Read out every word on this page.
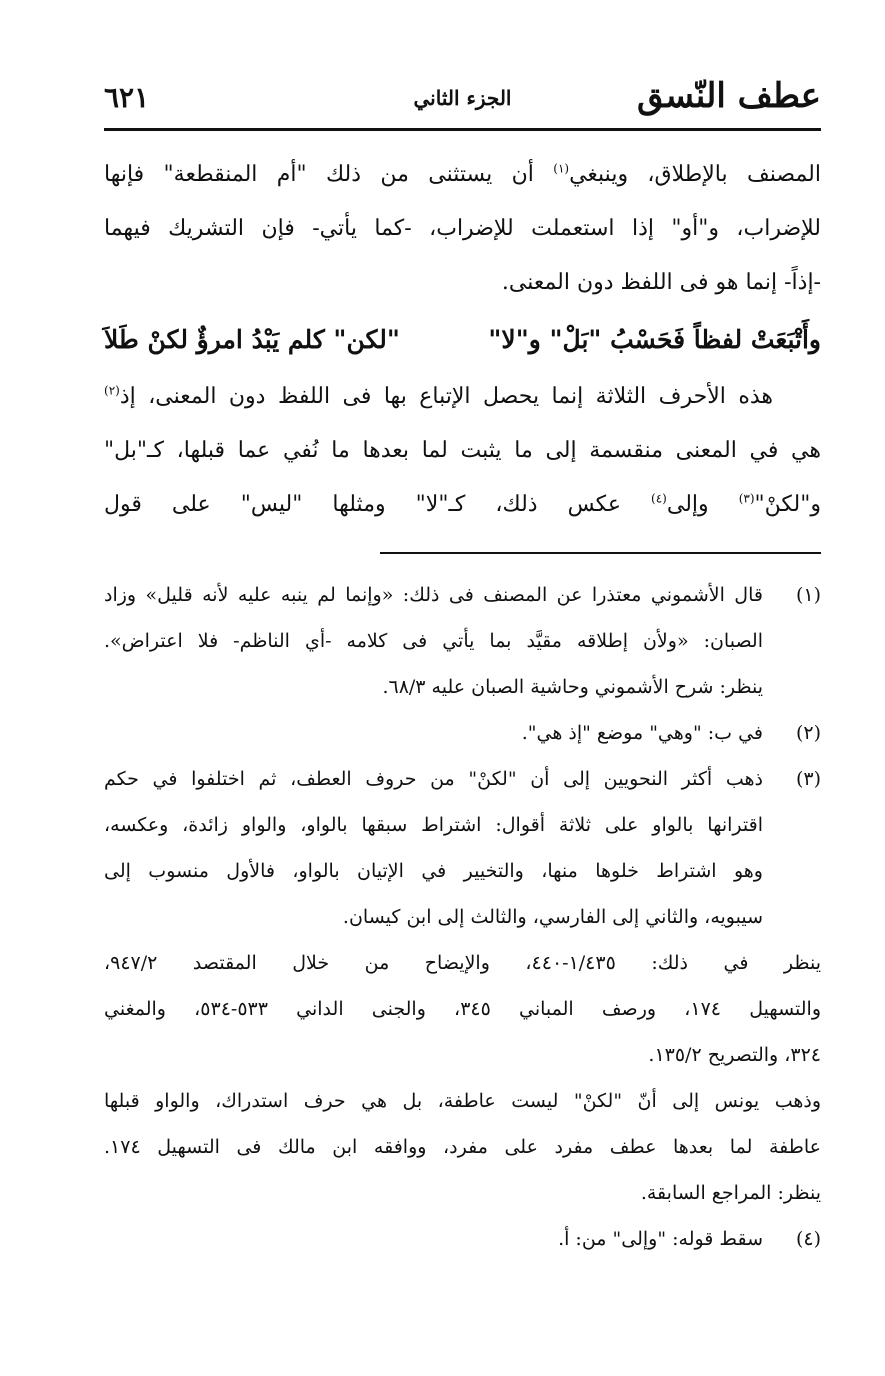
عطف النّسق
الجزء الثاني
٦٢١
المصنف بالإطلاق، وينبغي$^{(١)}$ أن يستثنى من ذلك "أم المنقطعة" فإنها
للإضراب، و"أو" إذا استعملت للإضراب، -كما يأتي- فإن التشريك فيهما
-إذاً- إنما هو فى اللفظ دون المعنى.
وأَتْبَعَتْ لفظاً فَحَسْبُ "بَلْ" و"لا"
"لكن" كلم يَبْدُ امرؤٌ لكنْ طَلاَ
هذه الأحرف الثلاثة إنما يحصل الإتباع بها فى اللفظ دون المعنى، إذ$^{(٢)}$
هي في المعنى منقسمة إلى ما يثبت لما بعدها ما نُفي عما قبلها، كـ"بل"
و"لكنْ"$^{(٣)}$ وإلى$^{(٤)}$ عكس ذلك، كـ"لا" ومثلها "ليس" على قول
(١)
قال الأشموني معتذرا عن المصنف فى ذلك: «وإنما لم ينبه عليه لأنه قليل» وزاد
الصبان: «ولأن إطلاقه مقيَّد بما يأتي فى كلامه -أي الناظم- فلا اعتراض».
ينظر: شرح الأشموني وحاشية الصبان عليه ٦٨/٣.
(٢)
في ب: "وهي" موضع "إذ هي".
(٣)
ذهب أكثر النحويين إلى أن "لكنْ" من حروف العطف، ثم اختلفوا في حكم
اقترانها بالواو على ثلاثة أقوال: اشتراط سبقها بالواو، والواو زائدة، وعكسه،
وهو اشتراط خلوها منها، والتخيير في الإتيان بالواو، فالأول منسوب إلى
سيبويه، والثاني إلى الفارسي، والثالث إلى ابن كيسان.
ينظر في ذلك: ١/٤٣٥-٤٤٠، والإيضاح من خلال المقتصد ٩٤٧/٢،
والتسهيل ١٧٤، ورصف المباني ٣٤٥، والجنى الداني ٥٣٣-٥٣٤، والمغني
٣٢٤، والتصريح ١٣٥/٢.
وذهب يونس إلى أنّ "لكنْ" ليست عاطفة، بل هي حرف استدراك، والواو قبلها
عاطفة لما بعدها عطف مفرد على مفرد، ووافقه ابن مالك فى التسهيل ١٧٤.
ينظر: المراجع السابقة.
(٤)
سقط قوله: "وإلى" من: أ.
